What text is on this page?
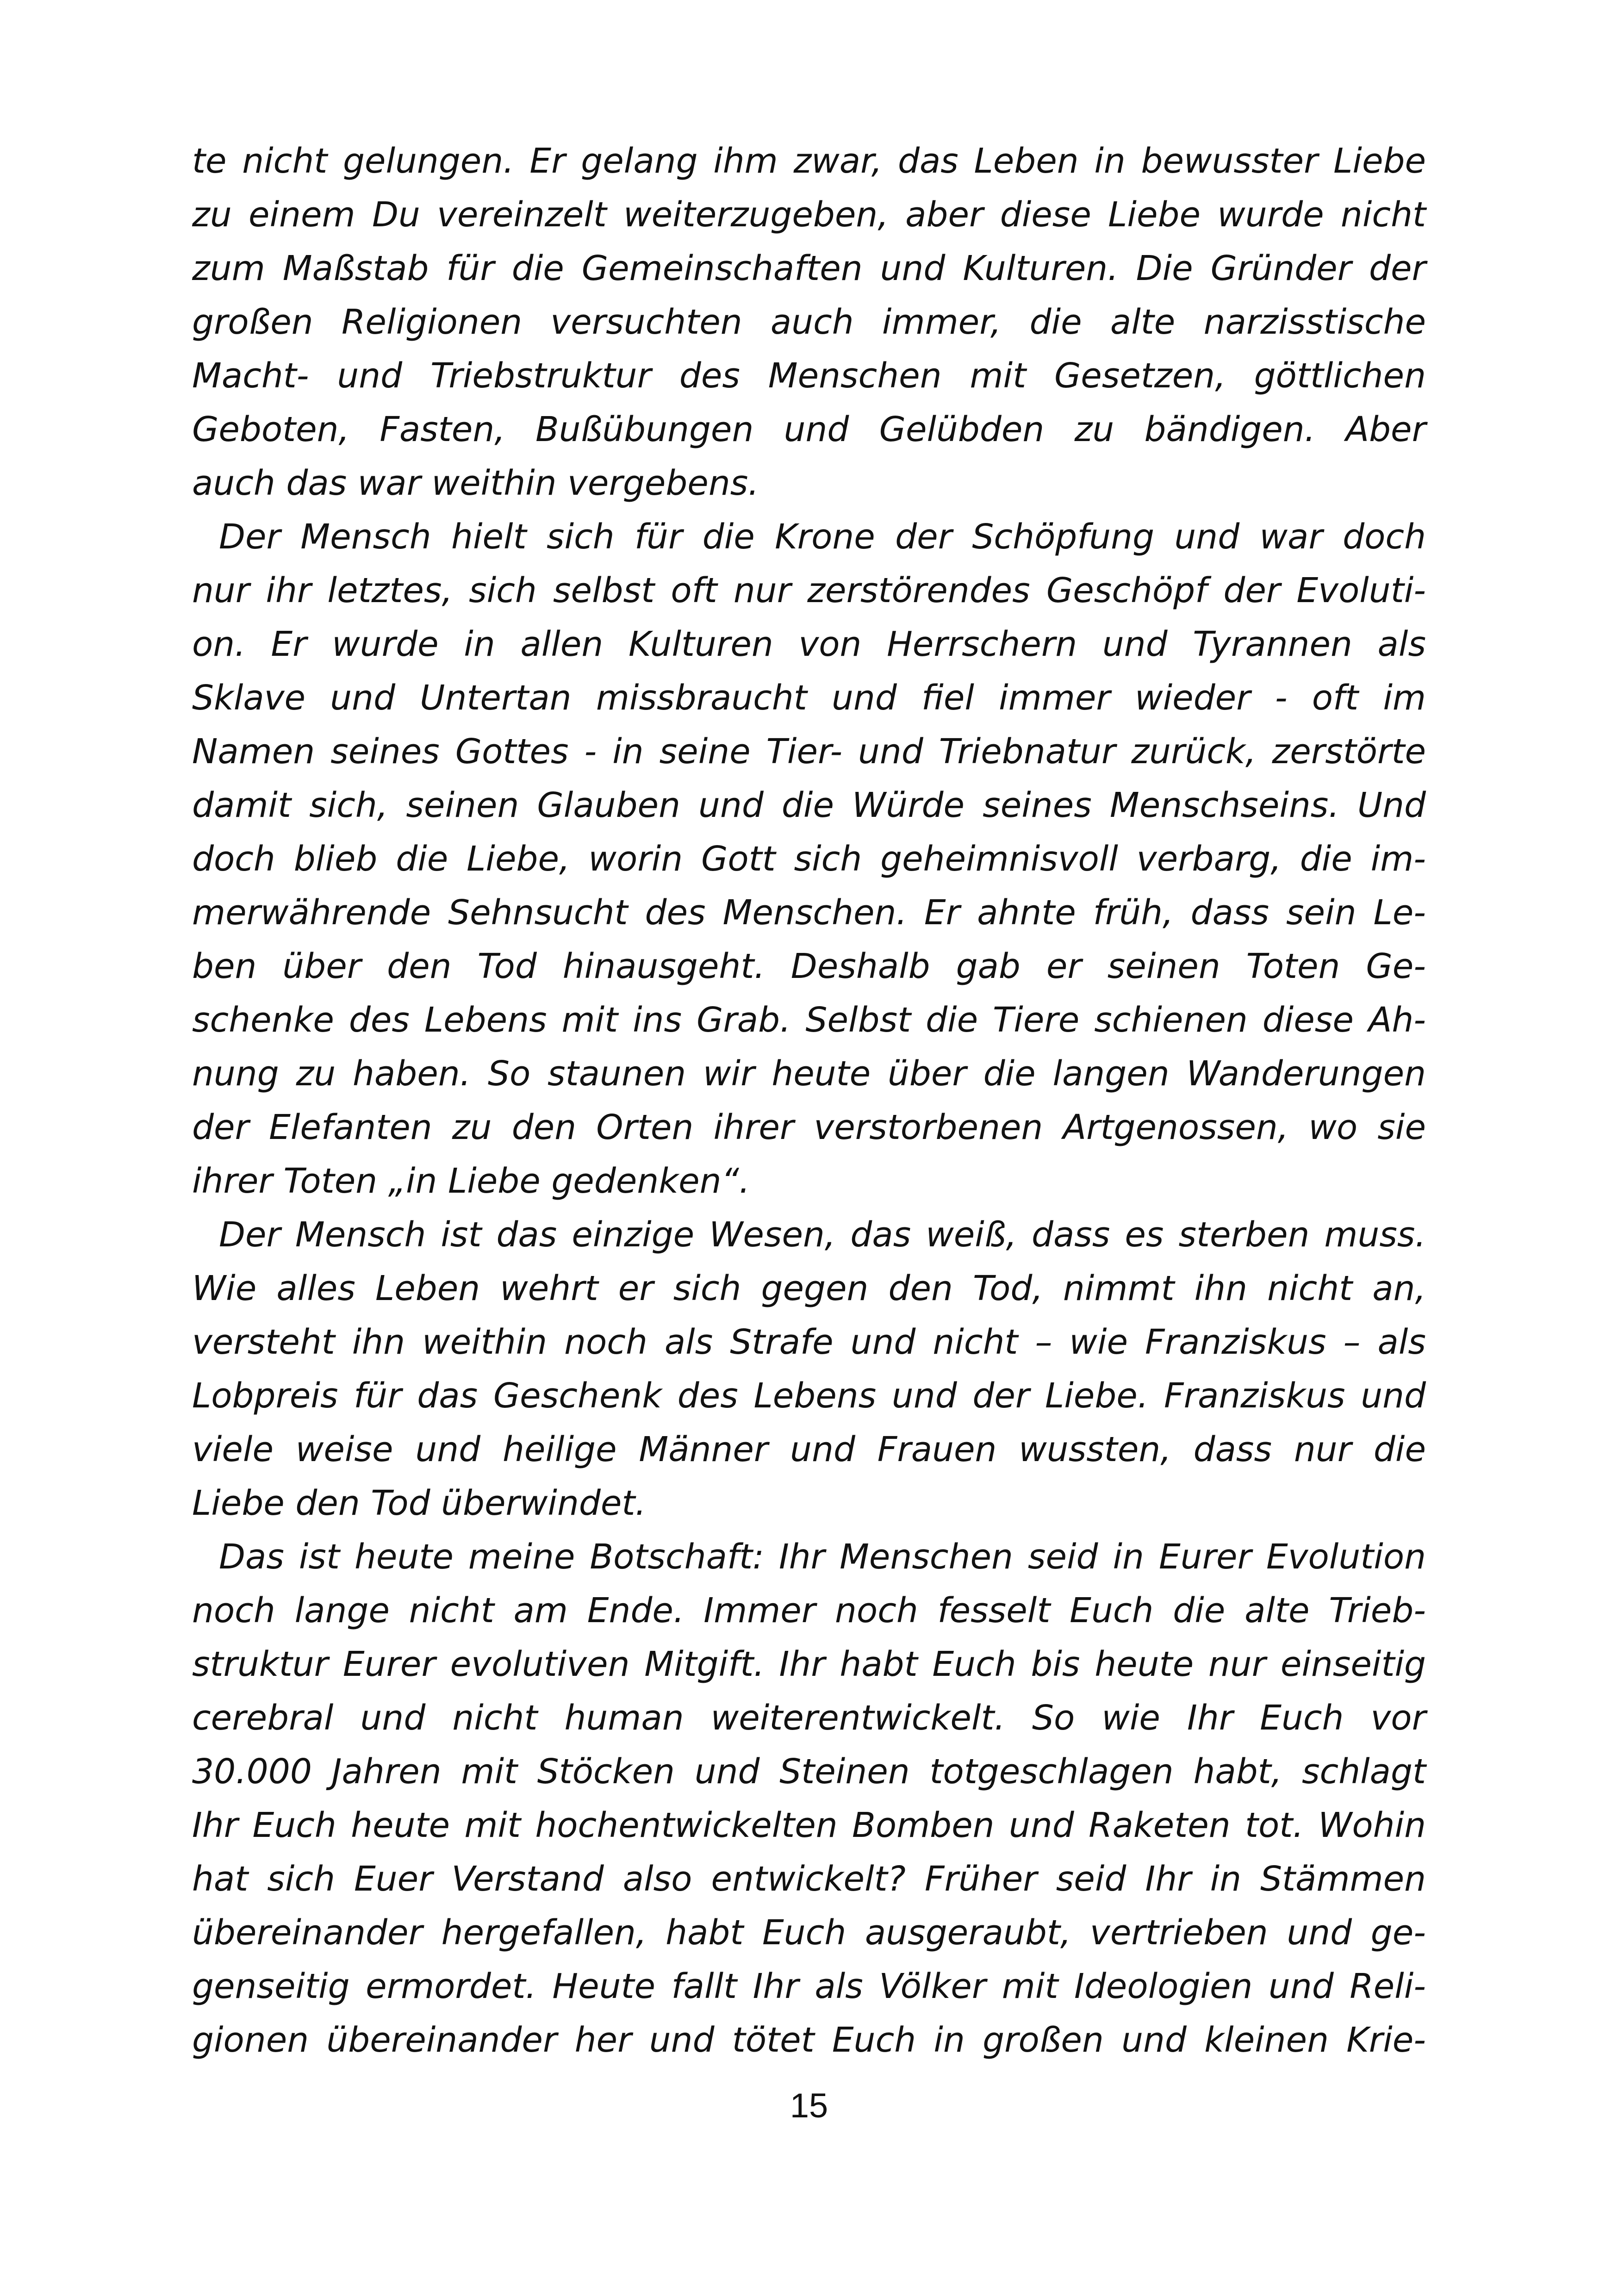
te nicht gelungen. Er gelang ihm zwar, das Leben in bewusster Liebe
zu einem Du vereinzelt weiterzugeben, aber diese Liebe wurde nicht
zum Maßstab für die Gemeinschaften und Kulturen. Die Gründer der
großen Religionen versuchten auch immer, die alte narzisstische
Macht- und Triebstruktur des Menschen mit Gesetzen, göttlichen
Geboten, Fasten, Bußübungen und Gelübden zu bändigen. Aber
auch das war weithin vergebens.
Der Mensch hielt sich für die Krone der Schöpfung und war doch
nur ihr letztes, sich selbst oft nur zerstörendes Geschöpf der Evoluti-
on. Er wurde in allen Kulturen von Herrschern und Tyrannen als
Sklave und Untertan missbraucht und fiel immer wieder - oft im
Namen seines Gottes - in seine Tier- und Triebnatur zurück, zerstörte
damit sich, seinen Glauben und die Würde seines Menschseins. Und
doch blieb die Liebe, worin Gott sich geheimnisvoll verbarg, die im-
merwährende Sehnsucht des Menschen. Er ahnte früh, dass sein Le-
ben über den Tod hinausgeht. Deshalb gab er seinen Toten Ge-
schenke des Lebens mit ins Grab. Selbst die Tiere schienen diese Ah-
nung zu haben. So staunen wir heute über die langen Wanderungen
der Elefanten zu den Orten ihrer verstorbenen Artgenossen, wo sie
ihrer Toten „in Liebe gedenken“.
Der Mensch ist das einzige Wesen, das weiß, dass es sterben muss.
Wie alles Leben wehrt er sich gegen den Tod, nimmt ihn nicht an,
versteht ihn weithin noch als Strafe und nicht – wie Franziskus – als
Lobpreis für das Geschenk des Lebens und der Liebe. Franziskus und
viele weise und heilige Männer und Frauen wussten, dass nur die
Liebe den Tod überwindet.
Das ist heute meine Botschaft: Ihr Menschen seid in Eurer Evolution
noch lange nicht am Ende. Immer noch fesselt Euch die alte Trieb-
struktur Eurer evolutiven Mitgift. Ihr habt Euch bis heute nur einseitig
cerebral und nicht human weiterentwickelt. So wie Ihr Euch vor
30.000 Jahren mit Stöcken und Steinen totgeschlagen habt, schlagt
Ihr Euch heute mit hochentwickelten Bomben und Raketen tot. Wohin
hat sich Euer Verstand also entwickelt? Früher seid Ihr in Stämmen
übereinander hergefallen, habt Euch ausgeraubt, vertrieben und ge-
genseitig ermordet. Heute fallt Ihr als Völker mit Ideologien und Reli-
gionen übereinander her und tötet Euch in großen und kleinen Krie-
15
